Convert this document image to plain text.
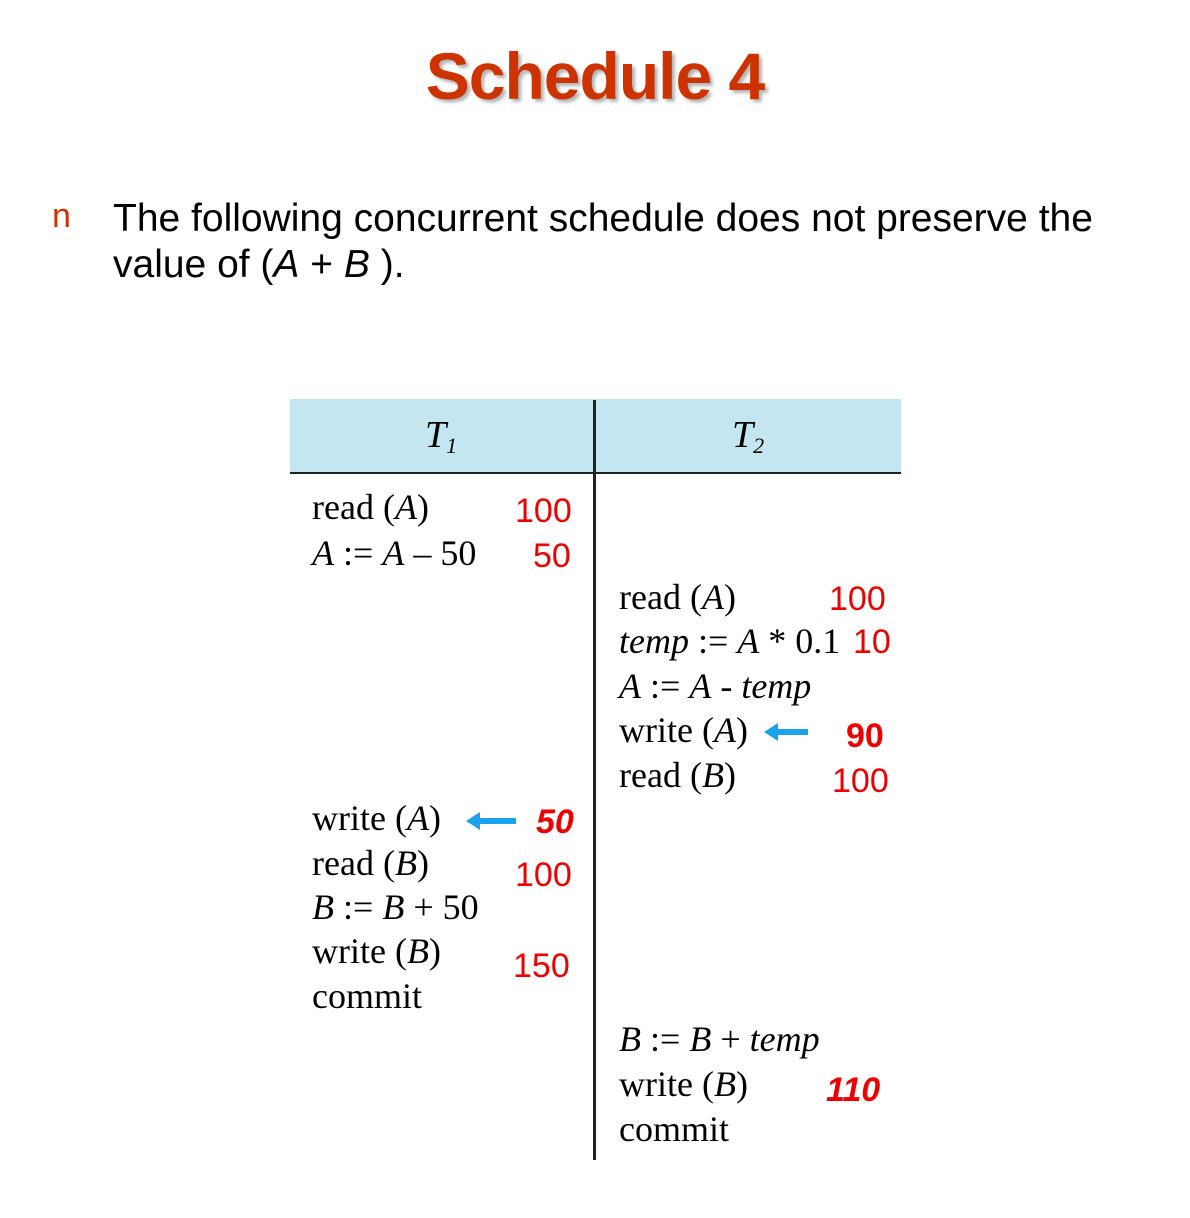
Schedule 4
n The following concurrent schedule does not preserve the value of (A + B ).
$T_1$	$T_2$
read (A)
A := A – 50
write (A)
read (B)
B := B + 50
write (B)
commit
read (A)
temp := A * 0.1
A := A - temp
write (A)
read (B)
B := B + temp
write (B)
commit
100
50
50
100
150
100
10
90
100
110
